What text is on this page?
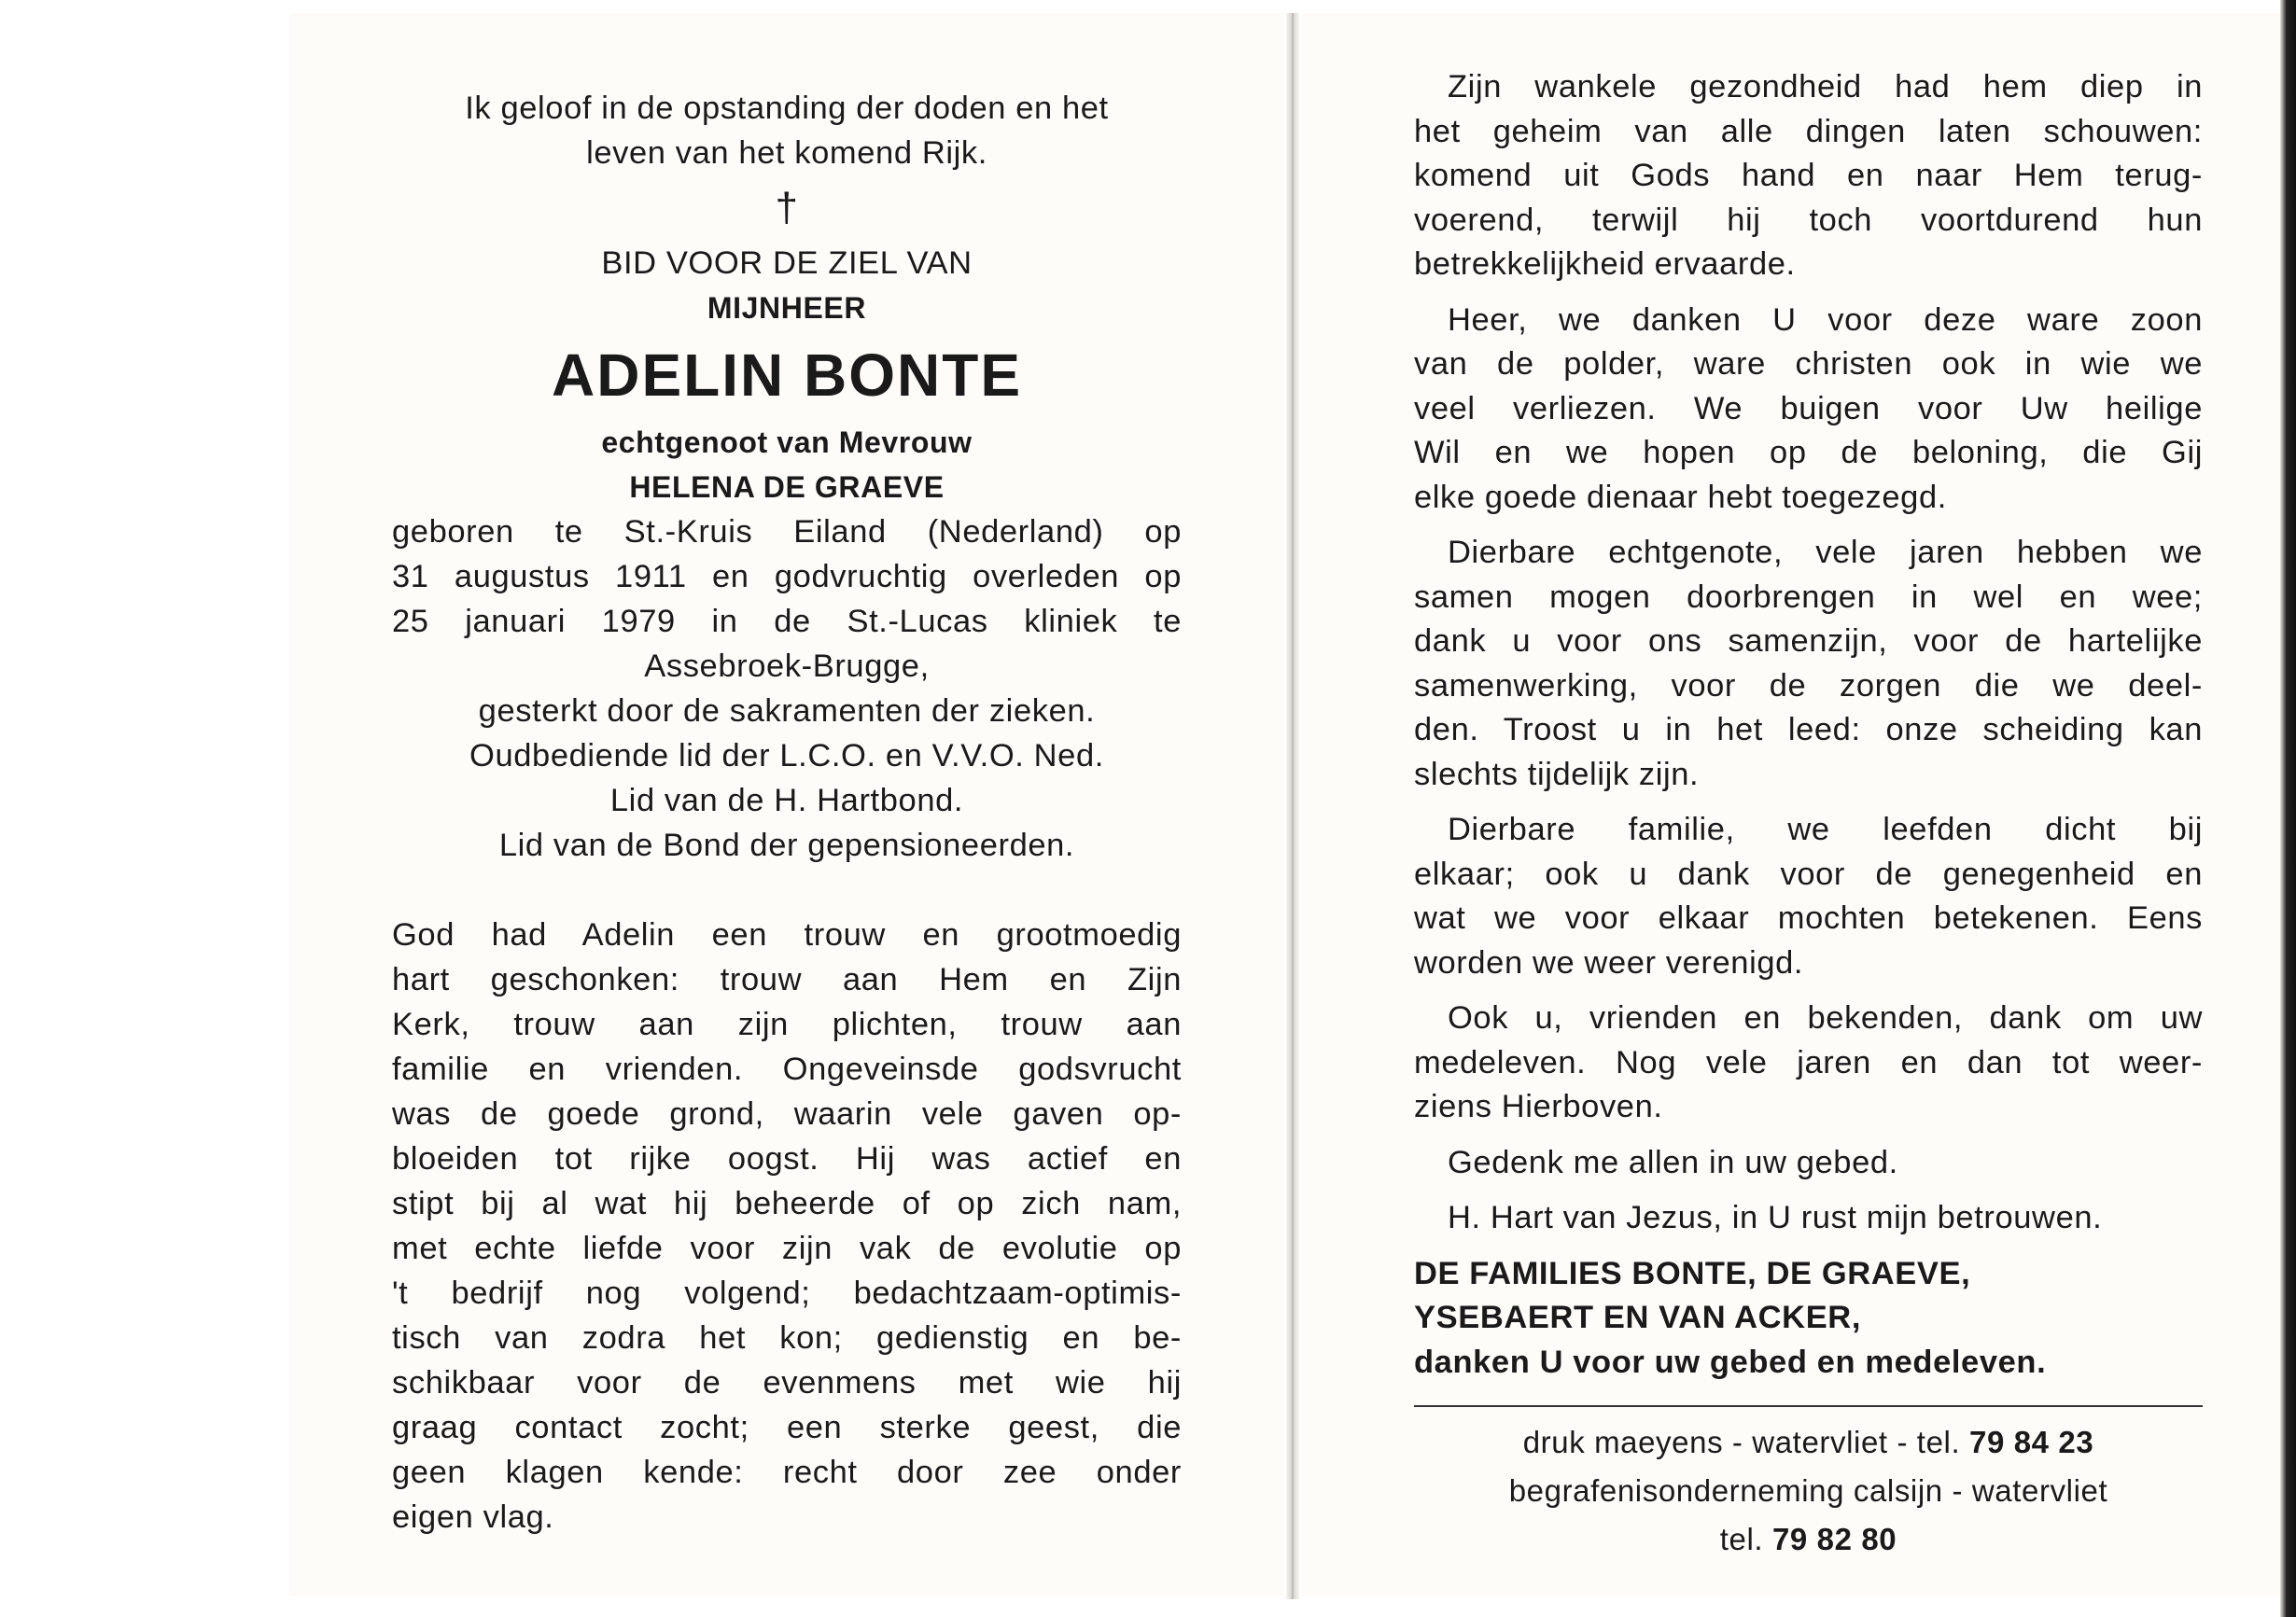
Ik geloof in de opstanding der doden en het
leven van het komend Rijk.
†
BID VOOR DE ZIEL VAN
MIJNHEER
ADELIN BONTE
echtgenoot van Mevrouw
HELENA DE GRAEVE
geboren te St.-Kruis Eiland (Nederland) op
31 augustus 1911 en godvruchtig overleden op
25 januari 1979 in de St.-Lucas kliniek te
Assebroek-Brugge,
gesterkt door de sakramenten der zieken.
Oudbediende lid der L.C.O. en V.V.O. Ned.
Lid van de H. Hartbond.
Lid van de Bond der gepensioneerden.
God had Adelin een trouw en grootmoedig
hart geschonken: trouw aan Hem en Zijn
Kerk, trouw aan zijn plichten, trouw aan
familie en vrienden. Ongeveinsde godsvrucht
was de goede grond, waarin vele gaven op-
bloeiden tot rijke oogst. Hij was actief en
stipt bij al wat hij beheerde of op zich nam,
met echte liefde voor zijn vak de evolutie op
't bedrijf nog volgend; bedachtzaam-optimis-
tisch van zodra het kon; gedienstig en be-
schikbaar voor de evenmens met wie hij
graag contact zocht; een sterke geest, die
geen klagen kende: recht door zee onder
eigen vlag.
Zijn wankele gezondheid had hem diep in
het geheim van alle dingen laten schouwen:
komend uit Gods hand en naar Hem terug-
voerend, terwijl hij toch voortdurend hun
betrekkelijkheid ervaarde.
Heer, we danken U voor deze ware zoon
van de polder, ware christen ook in wie we
veel verliezen. We buigen voor Uw heilige
Wil en we hopen op de beloning, die Gij
elke goede dienaar hebt toegezegd.
Dierbare echtgenote, vele jaren hebben we
samen mogen doorbrengen in wel en wee;
dank u voor ons samenzijn, voor de hartelijke
samenwerking, voor de zorgen die we deel-
den. Troost u in het leed: onze scheiding kan
slechts tijdelijk zijn.
Dierbare familie, we leefden dicht bij
elkaar; ook u dank voor de genegenheid en
wat we voor elkaar mochten betekenen. Eens
worden we weer verenigd.
Ook u, vrienden en bekenden, dank om uw
medeleven. Nog vele jaren en dan tot weer-
ziens Hierboven.
Gedenk me allen in uw gebed.
H. Hart van Jezus, in U rust mijn betrouwen.
DE FAMILIES BONTE, DE GRAEVE,
YSEBAERT EN VAN ACKER,
danken U voor uw gebed en medeleven.
druk maeyens - watervliet - tel. 79 84 23
begrafenisonderneming calsijn - watervliet
tel. 79 82 80
